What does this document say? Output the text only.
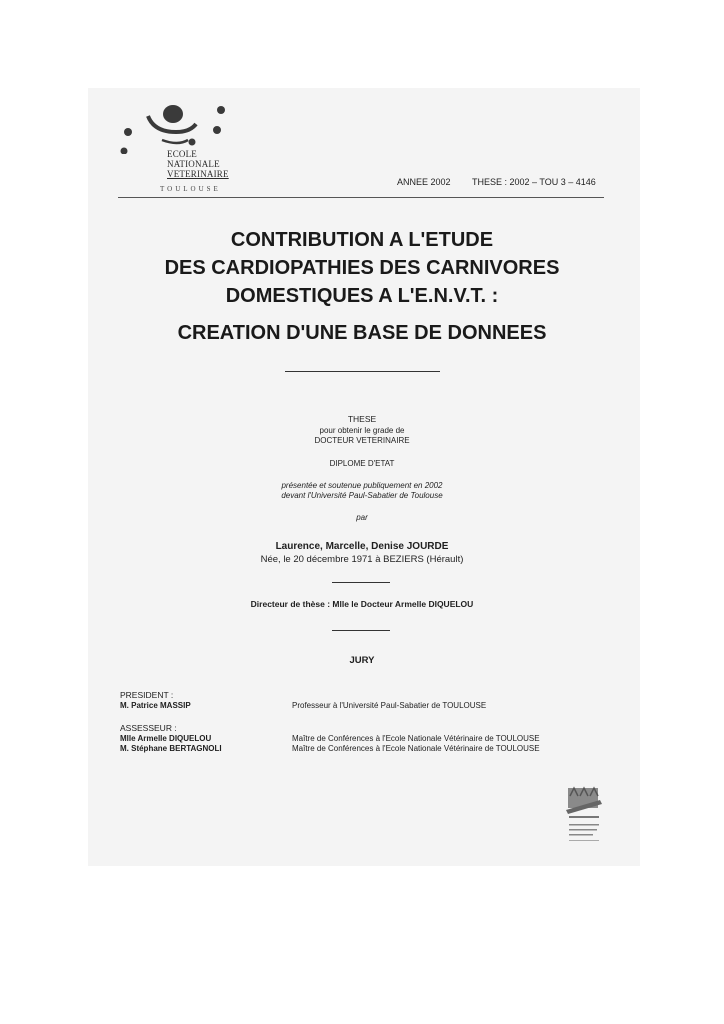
ECOLE
NATIONALE
VETERINAIRE
TOULOUSE
ANNEE 2002 THESE : 2002 – TOU 3 – 4146
CONTRIBUTION A L'ETUDE
DES CARDIOPATHIES DES CARNIVORES
DOMESTIQUES A L'E.N.V.T. :
CREATION D'UNE BASE DE DONNEES
THESE
pour obtenir le grade de
DOCTEUR VETERINAIRE
DIPLOME D'ETAT
présentée et soutenue publiquement en 2002
devant l'Université Paul-Sabatier de Toulouse
par
Laurence, Marcelle, Denise JOURDE
Née, le 20 décembre 1971 à BEZIERS (Hérault)
Directeur de thèse : Mlle le Docteur Armelle DIQUELOU
JURY
PRESIDENT :
M. Patrice MASSIP	Professeur à l'Université Paul-Sabatier de TOULOUSE
ASSESSEUR :
Mlle Armelle DIQUELOU	Maître de Conférences à l'Ecole Nationale Vétérinaire de TOULOUSE
M. Stéphane BERTAGNOLI	Maître de Conférences à l'Ecole Nationale Vétérinaire de TOULOUSE
